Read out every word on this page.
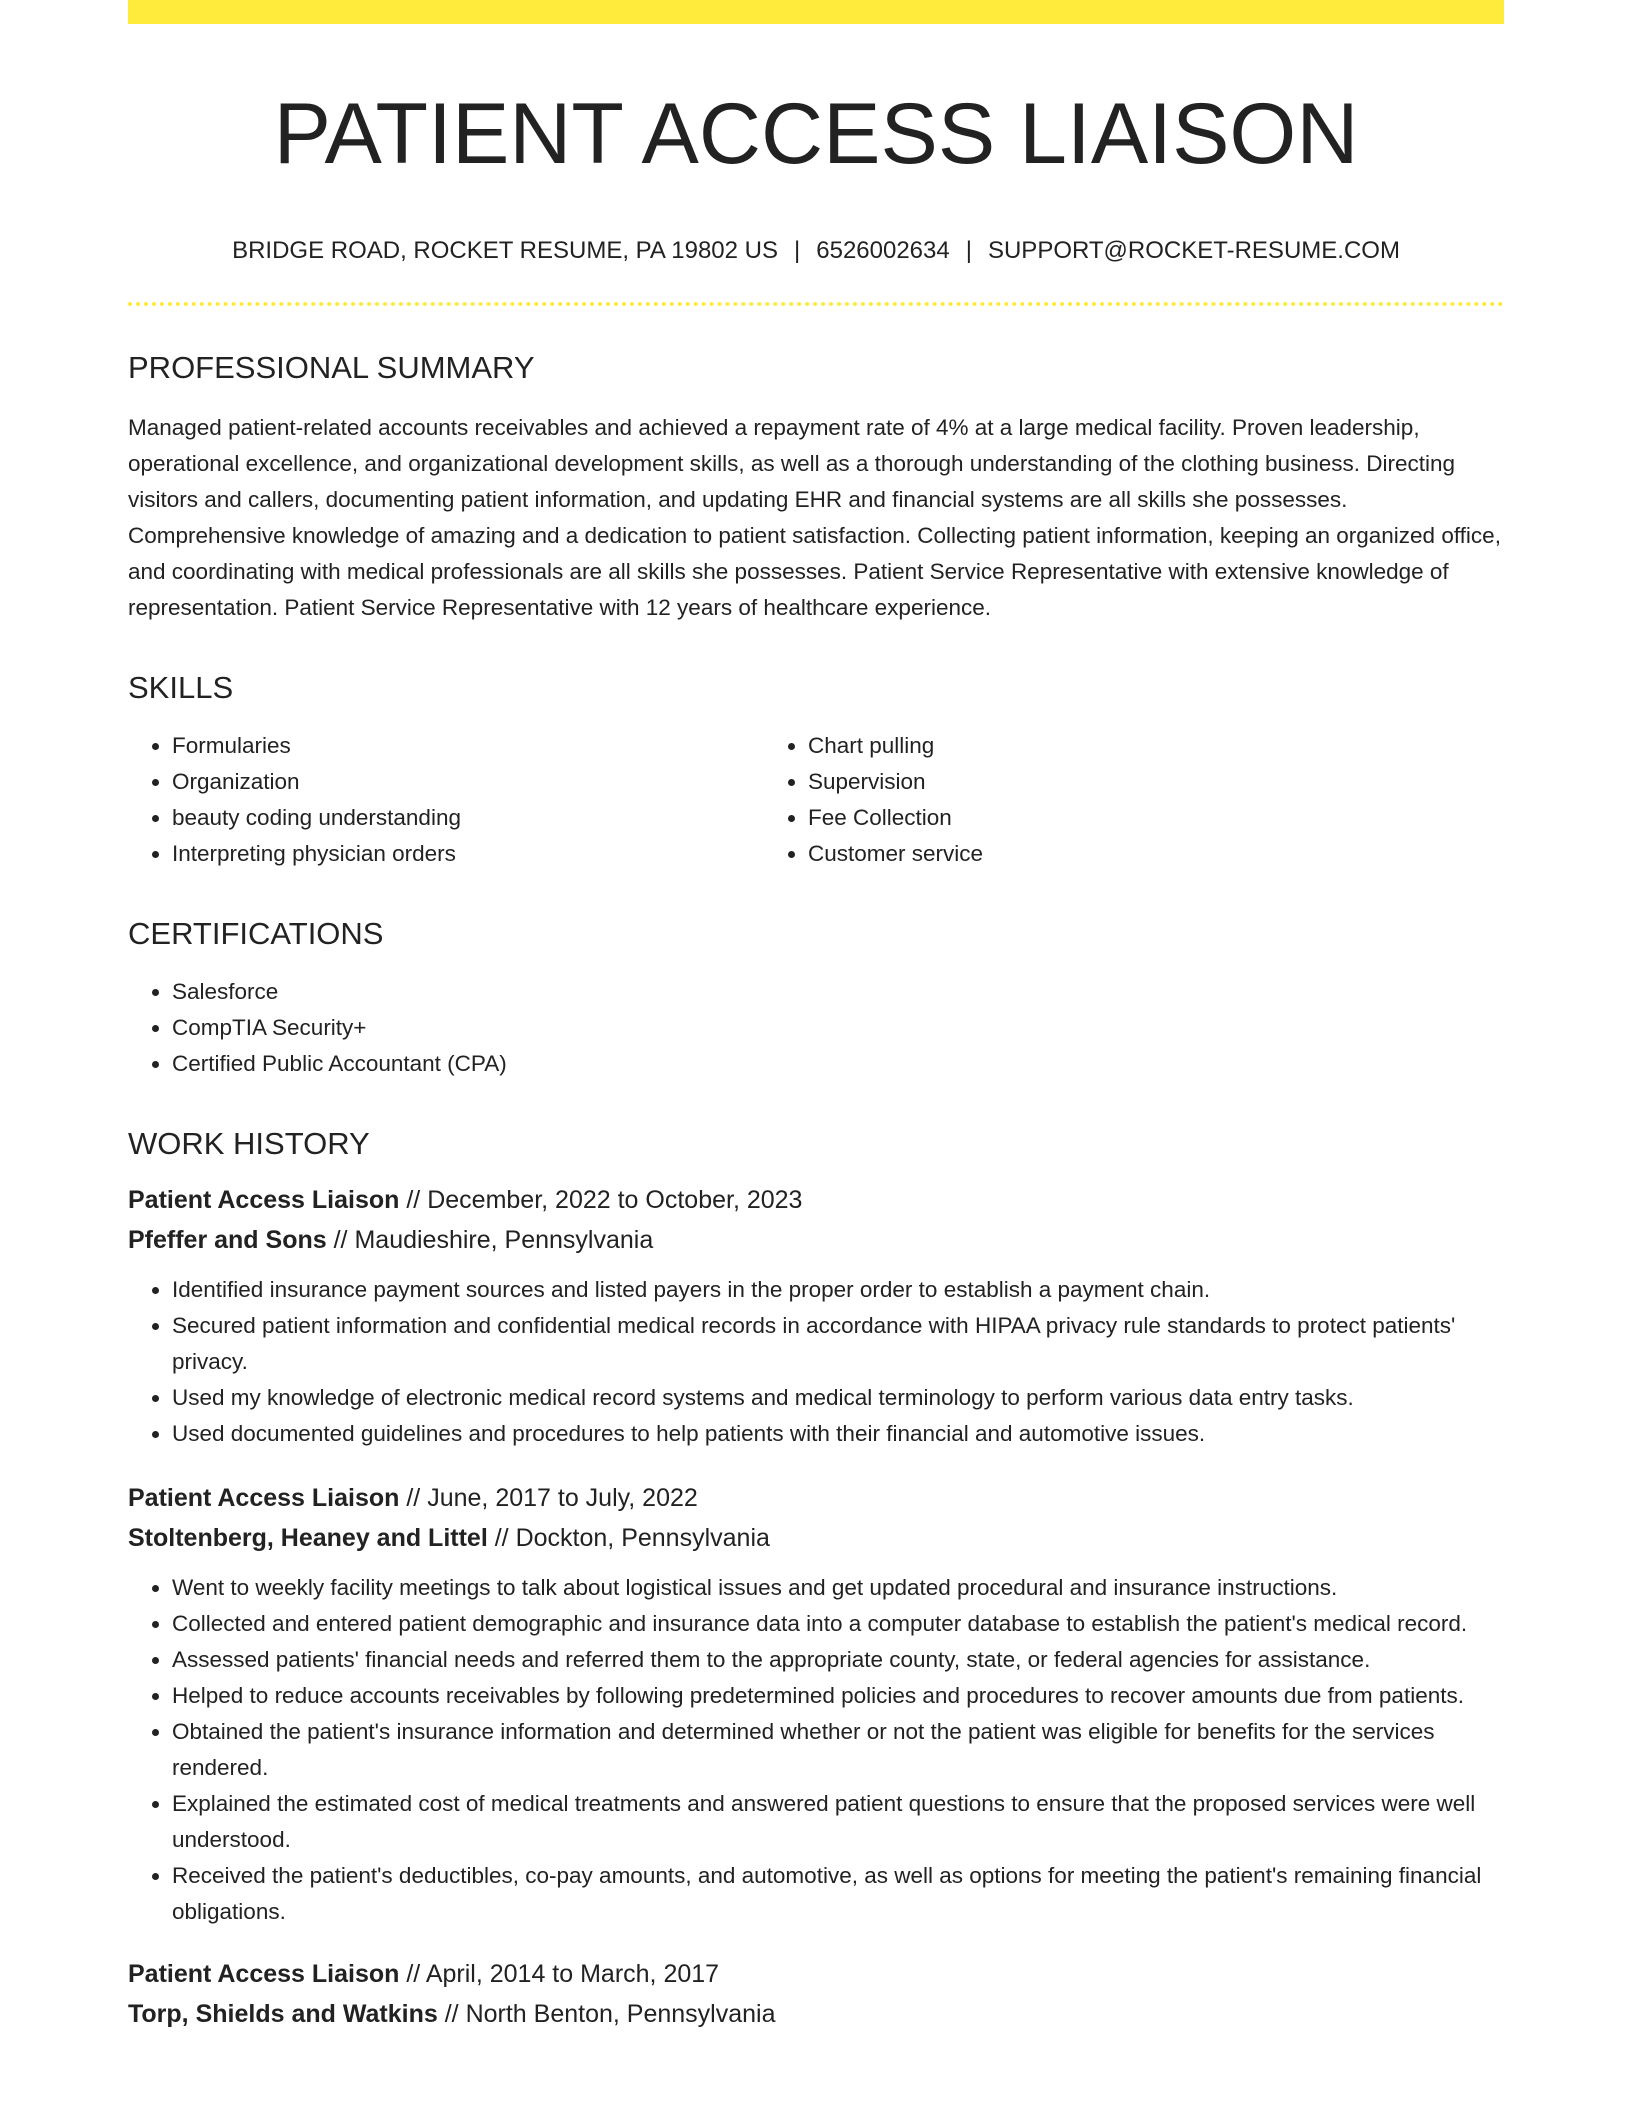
PATIENT ACCESS LIAISON
BRIDGE ROAD, ROCKET RESUME, PA 19802 US | 6526002634 | SUPPORT@ROCKET-RESUME.COM
PROFESSIONAL SUMMARY
Managed patient-related accounts receivables and achieved a repayment rate of 4% at a large medical facility. Proven leadership, operational excellence, and organizational development skills, as well as a thorough understanding of the clothing business. Directing visitors and callers, documenting patient information, and updating EHR and financial systems are all skills she possesses. Comprehensive knowledge of amazing and a dedication to patient satisfaction. Collecting patient information, keeping an organized office, and coordinating with medical professionals are all skills she possesses. Patient Service Representative with extensive knowledge of representation. Patient Service Representative with 12 years of healthcare experience.
SKILLS
• Formularies
• Organization
• beauty coding understanding
• Interpreting physician orders
• Chart pulling
• Supervision
• Fee Collection
• Customer service
CERTIFICATIONS
• Salesforce
• CompTIA Security+
• Certified Public Accountant (CPA)
WORK HISTORY
Patient Access Liaison // December, 2022 to October, 2023
Pfeffer and Sons // Maudieshire, Pennsylvania
• Identified insurance payment sources and listed payers in the proper order to establish a payment chain.
• Secured patient information and confidential medical records in accordance with HIPAA privacy rule standards to protect patients' privacy.
• Used my knowledge of electronic medical record systems and medical terminology to perform various data entry tasks.
• Used documented guidelines and procedures to help patients with their financial and automotive issues.
Patient Access Liaison // June, 2017 to July, 2022
Stoltenberg, Heaney and Littel // Dockton, Pennsylvania
• Went to weekly facility meetings to talk about logistical issues and get updated procedural and insurance instructions.
• Collected and entered patient demographic and insurance data into a computer database to establish the patient's medical record.
• Assessed patients' financial needs and referred them to the appropriate county, state, or federal agencies for assistance.
• Helped to reduce accounts receivables by following predetermined policies and procedures to recover amounts due from patients.
• Obtained the patient's insurance information and determined whether or not the patient was eligible for benefits for the services rendered.
• Explained the estimated cost of medical treatments and answered patient questions to ensure that the proposed services were well understood.
• Received the patient's deductibles, co-pay amounts, and automotive, as well as options for meeting the patient's remaining financial obligations.
Patient Access Liaison // April, 2014 to March, 2017
Torp, Shields and Watkins // North Benton, Pennsylvania
